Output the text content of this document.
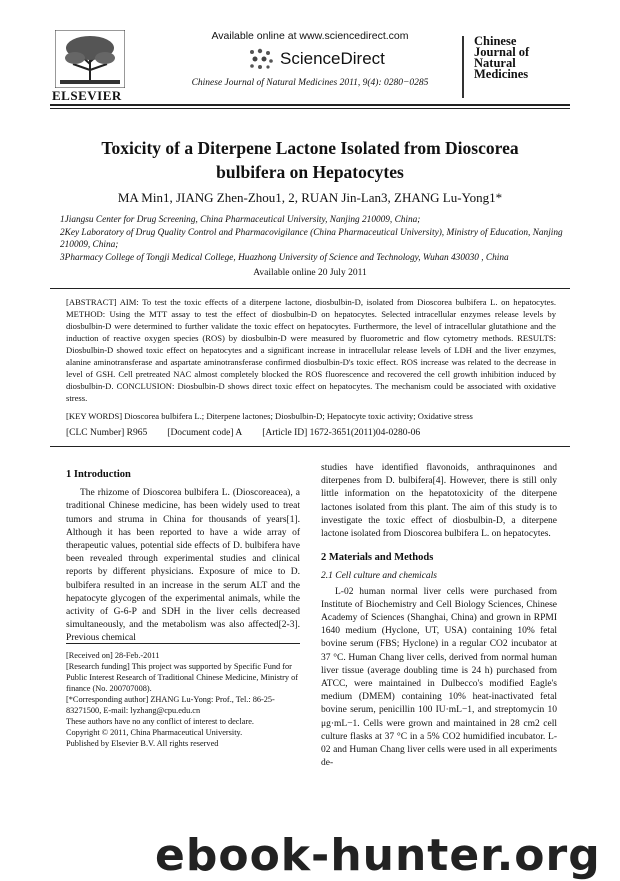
ELSEVIER
Available online at www.sciencedirect.com
ScienceDirect
Chinese Journal of Natural Medicines 2011, 9(4): 0280−0285
Chinese
Journal of
Natural
Medicines
Toxicity of a Diterpene Lactone Isolated from Dioscorea
bulbifera on Hepatocytes
MA Min1, JIANG Zhen-Zhou1, 2, RUAN Jin-Lan3, ZHANG Lu-Yong1*
1Jiangsu Center for Drug Screening, China Pharmaceutical University, Nanjing 210009, China;
2Key Laboratory of Drug Quality Control and Pharmacovigilance (China Pharmaceutical University), Ministry of Education, Nanjing 210009, China;
3Pharmacy College of Tongji Medical College, Huazhong University of Science and Technology, Wuhan 430030 , China
Available online 20 July 2011
[ABSTRACT] AIM: To test the toxic effects of a diterpene lactone, diosbulbin-D, isolated from Dioscorea bulbifera L. on hepatocytes. METHOD: Using the MTT assay to test the effect of diosbulbin-D on hepatocytes. Selected intracellular enzymes release levels by diosbulbin-D were determined to further validate the toxic effect on hepatocytes. Furthermore, the level of intracellular glutathione and the induction of reactive oxygen species (ROS) by diosbulbin-D were measured by fluorometric and flow cytometry methods. RESULTS: Diosbulbin-D showed toxic effect on hepatocytes and a significant increase in intracellular release levels of LDH and the liver enzymes, alanine aminotransferase and aspartate aminotransferase confirmed diosbulbin-D's toxic effect. ROS increase was related to the decrease in level of GSH. Cell pretreated NAC almost completely blocked the ROS fluorescence and recovered the cell growth inhibition induced by diosbulbin-D. CONCLUSION: Diosbulbin-D shows direct toxic effect on hepatocytes. The mechanism could be associated with oxidative stress.
[KEY WORDS] Dioscorea bulbifera L.; Diterpene lactones; Diosbulbin-D; Hepatocyte toxic activity; Oxidative stress
[CLC Number] R965 [Document code] A [Article ID] 1672-3651(2011)04-0280-06
1 Introduction
The rhizome of Dioscorea bulbifera L. (Dioscoreacea), a traditional Chinese medicine, has been widely used to treat tumors and struma in China for thousands of years[1]. Although it has been reported to have a wide array of therapeutic values, potential side effects of D. bulbifera have been revealed through experimental studies and clinical reports by different physicians. Exposure of mice to D. bulbifera resulted in an increase in the serum ALT and the hepatocyte glycogen of the experimental animals, while the activity of G-6-P and SDH in the liver cells decreased simultaneously, and the metabolism was also affected[2-3]. Previous chemical
[Received on] 28-Feb.-2011
[Research funding] This project was supported by Specific Fund for Public Interest Research of Traditional Chinese Medicine, Ministry of finance (No. 200707008).
[*Corresponding author] ZHANG Lu-Yong: Prof., Tel.: 86-25-83271500, E-mail: lyzhang@cpu.edu.cn
These authors have no any conflict of interest to declare.
Copyright © 2011, China Pharmaceutical University.
Published by Elsevier B.V. All rights reserved
studies have identified flavonoids, anthraquinones and diterpenes from D. bulbifera[4]. However, there is still only little information on the hepatotoxicity of the diterpene lactones isolated from this plant. The aim of this study is to investigate the toxic effect of diosbulbin-D, a diterpene lactone isolated from Dioscorea bulbifera L. on hepatocytes.
2 Materials and Methods
2.1 Cell culture and chemicals
L-02 human normal liver cells were purchased from Institute of Biochemistry and Cell Biology Sciences, Chinese Academy of Sciences (Shanghai, China) and grown in RPMI 1640 medium (Hyclone, UT, USA) containing 10% fetal bovine serum (FBS; Hyclone) in a regular CO2 incubator at 37 °C. Human Chang liver cells, derived from normal human liver tissue (average doubling time is 24 h) purchased from ATCC, were maintained in Dulbecco's modified Eagle's medium (DMEM) containing 10% heat-inactivated fetal bovine serum, penicillin 100 IU·mL−1, and streptomycin 10 μg·mL−1. Cells were grown and maintained in 28 cm2 cell culture flasks at 37 °C in a 5% CO2 humidified incubator. L-02 and Human Chang liver cells were used in all experiments de-
ebook-hunter.org
